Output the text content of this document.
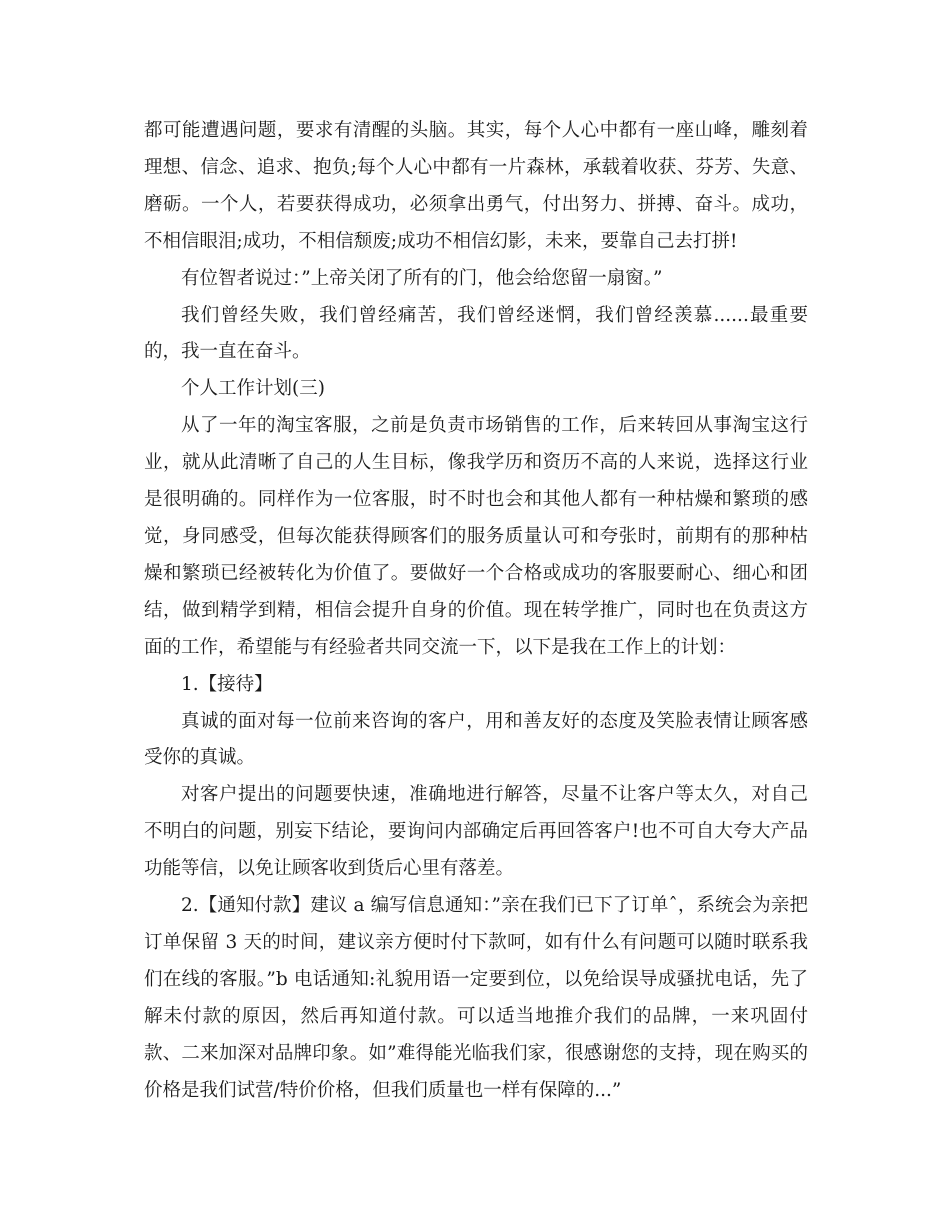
都可能遭遇问题，要求有清醒的头脑。其实，每个人心中都有一座山峰，雕刻着理想、信念、追求、抱负;每个人心中都有一片森林，承载着收获、芬芳、失意、磨砺。一个人，若要获得成功，必须拿出勇气，付出努力、拼搏、奋斗。成功，不相信眼泪;成功，不相信颓废;成功不相信幻影，未来，要靠自己去打拼!

有位智者说过：”上帝关闭了所有的门，他会给您留一扇窗。”

我们曾经失败，我们曾经痛苦，我们曾经迷惘，我们曾经羡慕......最重要的，我一直在奋斗。

个人工作计划(三)

从了一年的淘宝客服，之前是负责市场销售的工作，后来转回从事淘宝这行业，就从此清晰了自己的人生目标，像我学历和资历不高的人来说，选择这行业是很明确的。同样作为一位客服，时不时也会和其他人都有一种枯燥和繁琐的感觉，身同感受，但每次能获得顾客们的服务质量认可和夸张时，前期有的那种枯燥和繁琐已经被转化为价值了。要做好一个合格或成功的客服要耐心、细心和团结，做到精学到精，相信会提升自身的价值。现在转学推广，同时也在负责这方面的工作，希望能与有经验者共同交流一下，以下是我在工作上的计划：

1.【接待】

真诚的面对每一位前来咨询的客户，用和善友好的态度及笑脸表情让顾客感受你的真诚。

对客户提出的问题要快速，准确地进行解答，尽量不让客户等太久，对自己不明白的问题，别妄下结论，要询问内部确定后再回答客户!也不可自大夸大产品功能等信，以免让顾客收到货后心里有落差。

2.【通知付款】建议 a 编写信息通知：”亲在我们已下了订单ˆ，系统会为亲把订单保留 3 天的时间，建议亲方便时付下款呵，如有什么有问题可以随时联系我们在线的客服。”b 电话通知:礼貌用语一定要到位，以免给误导成骚扰电话，先了解未付款的原因，然后再知道付款。可以适当地推介我们的品牌，一来巩固付款、二来加深对品牌印象。如”难得能光临我们家，很感谢您的支持，现在购买的价格是我们试营/特价价格，但我们质量也一样有保障的...”
